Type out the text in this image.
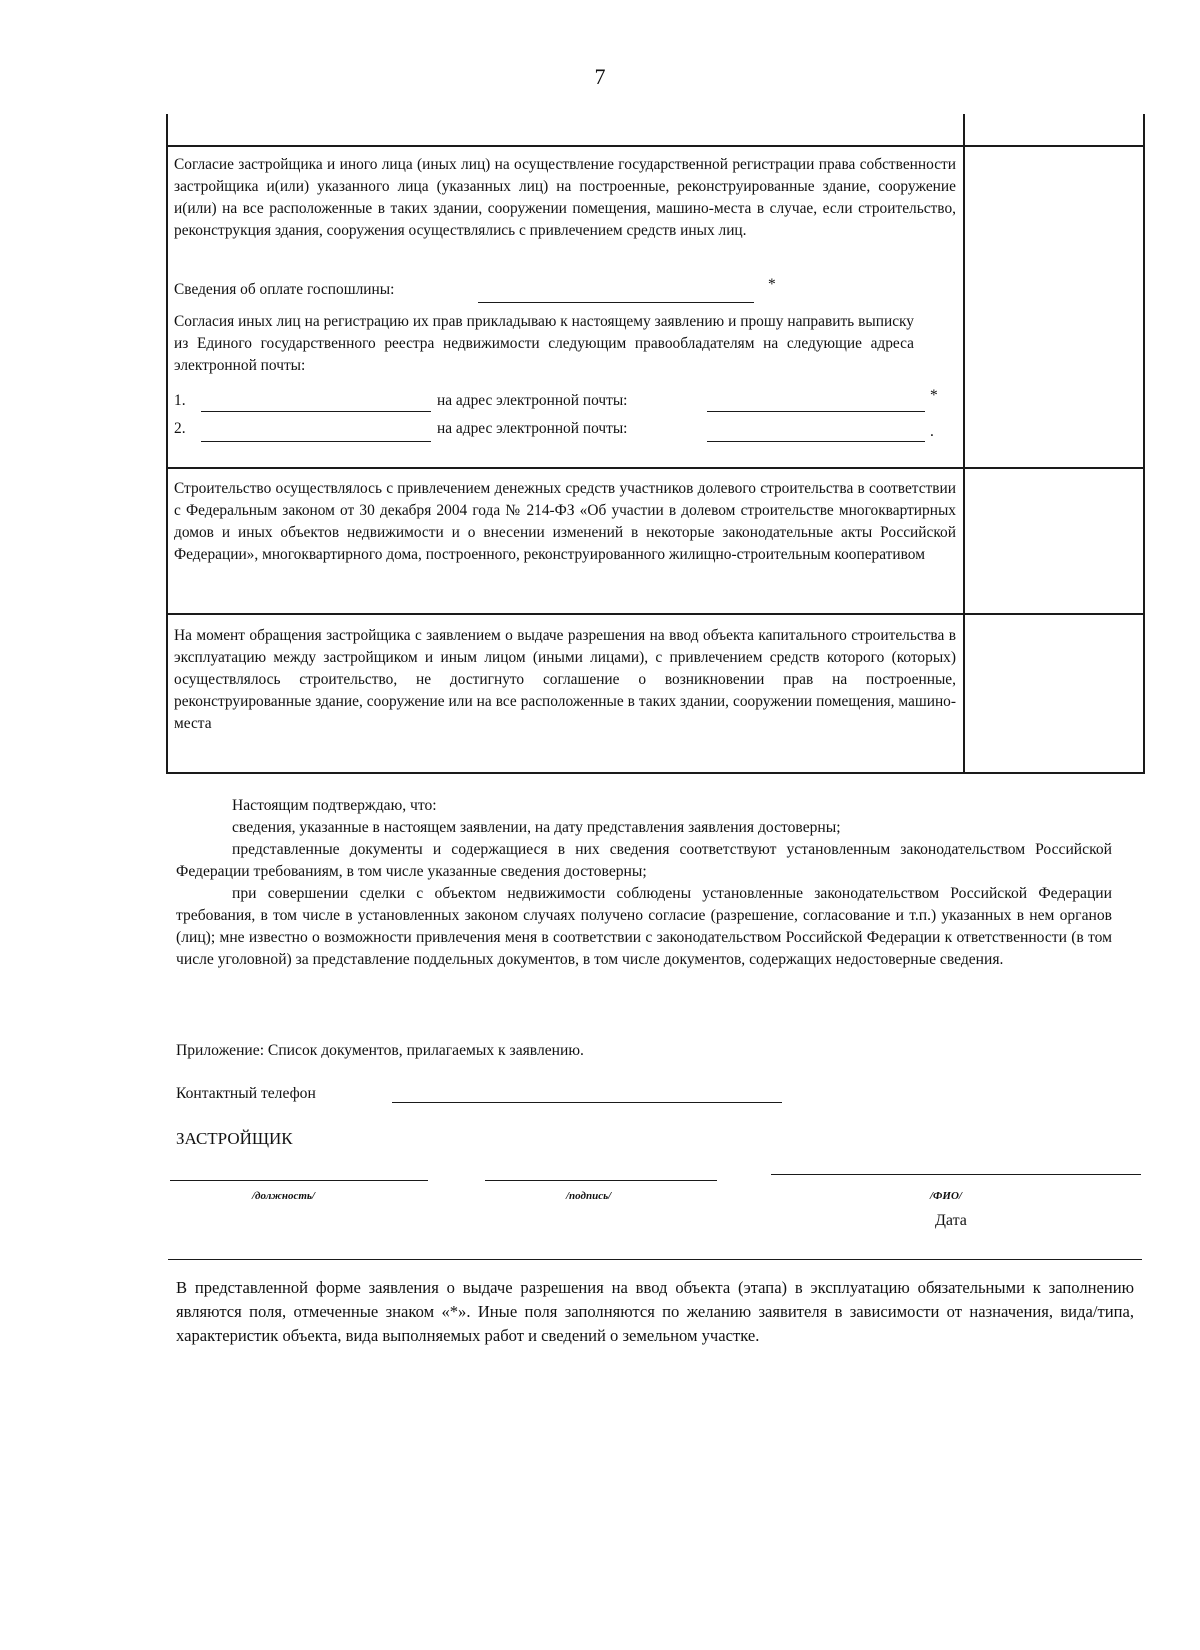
7
Согласие застройщика и иного лица (иных лиц) на осуществление государственной регистрации права собственности застройщика и(или) указанного лица (указанных лиц) на построенные, реконструированные здание, сооружение и(или) на все расположенные в таких здании, сооружении помещения, машино-места в случае, если строительство, реконструкция здания, сооружения осуществлялись с привлечением средств иных лиц.
Сведения об оплате госпошлины:	*
Согласия иных лиц на регистрацию их прав прикладываю к настоящему заявлению и прошу направить выписку из Единого государственного реестра недвижимости следующим правообладателям на следующие адреса электронной почты:
1.	на адрес электронной почты:	*
2.	на адрес электронной почты:	.
Строительство осуществлялось с привлечением денежных средств участников долевого строительства в соответствии с Федеральным законом от 30 декабря 2004 года № 214-ФЗ «Об участии в долевом строительстве многоквартирных домов и иных объектов недвижимости и о внесении изменений в некоторые законодательные акты Российской Федерации», многоквартирного дома, построенного, реконструированного жилищно-строительным кооперативом
На момент обращения застройщика с заявлением о выдаче разрешения на ввод объекта капитального строительства в эксплуатацию между застройщиком и иным лицом (иными лицами), с привлечением средств которого (которых) осуществлялось строительство, не достигнуто соглашение о возникновении прав на построенные, реконструированные здание, сооружение или на все расположенные в таких здании, сооружении помещения, машино-места
Настоящим подтверждаю, что:
сведения, указанные в настоящем заявлении, на дату представления заявления достоверны;
представленные документы и содержащиеся в них сведения соответствуют установленным законодательством Российской Федерации требованиям, в том числе указанные сведения достоверны;
при совершении сделки с объектом недвижимости соблюдены установленные законодательством Российской Федерации требования, в том числе в установленных законом случаях получено согласие (разрешение, согласование и т.п.) указанных в нем органов (лиц); мне известно о возможности привлечения меня в соответствии с законодательством Российской Федерации к ответственности (в том числе уголовной) за представление поддельных документов, в том числе документов, содержащих недостоверные сведения.
Приложение: Список документов, прилагаемых к заявлению.
Контактный телефон
ЗАСТРОЙЩИК
/должность/	/подпись/	/ФИО/
Дата
В представленной форме заявления о выдаче разрешения на ввод объекта (этапа) в эксплуатацию обязательными к заполнению являются поля, отмеченные знаком «*». Иные поля заполняются по желанию заявителя в зависимости от назначения, вида/типа, характеристик объекта, вида выполняемых работ и сведений о земельном участке.
